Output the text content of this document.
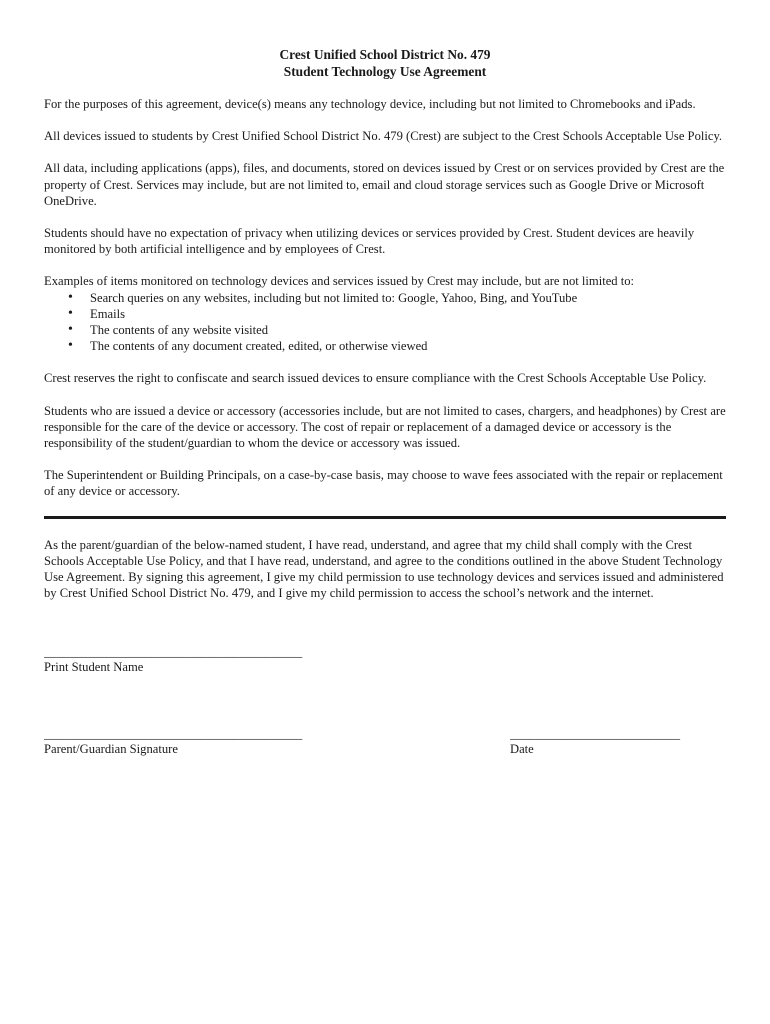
Crest Unified School District No. 479

Student Technology Use Agreement

For the purposes of this agreement, device(s) means any technology device, including but not limited to Chromebooks and iPads.

All devices issued to students by Crest Unified School District No. 479 (Crest) are subject to the Crest Schools Acceptable Use Policy.

All data, including applications (apps), files, and documents, stored on devices issued by Crest or on services provided by Crest are the property of Crest. Services may include, but are not limited to, email and cloud storage services such as Google Drive or Microsoft OneDrive.

Students should have no expectation of privacy when utilizing devices or services provided by Crest. Student devices are heavily monitored by both artificial intelligence and by employees of Crest.

Examples of items monitored on technology devices and services issued by Crest may include, but are not limited to:

• Search queries on any websites, including but not limited to: Google, Yahoo, Bing, and YouTube
• Emails
• The contents of any website visited
• The contents of any document created, edited, or otherwise viewed

Crest reserves the right to confiscate and search issued devices to ensure compliance with the Crest Schools Acceptable Use Policy.

Students who are issued a device or accessory (accessories include, but are not limited to cases, chargers, and headphones) by Crest are responsible for the care of the device or accessory. The cost of repair or replacement of a damaged device or accessory is the responsibility of the student/guardian to whom the device or accessory was issued.

The Superintendent or Building Principals, on a case-by-case basis, may choose to wave fees associated with the repair or replacement of any device or accessory.

As the parent/guardian of the below-named student, I have read, understand, and agree that my child shall comply with the Crest Schools Acceptable Use Policy, and that I have read, understand, and agree to the conditions outlined in the above Student Technology Use Agreement. By signing this agreement, I give my child permission to use technology devices and services issued and administered by Crest Unified School District No. 479, and I give my child permission to access the school’s network and the internet.

_________________________________________
Print Student Name
_________________________________________
Parent/Guardian Signature
___________________________
Date
